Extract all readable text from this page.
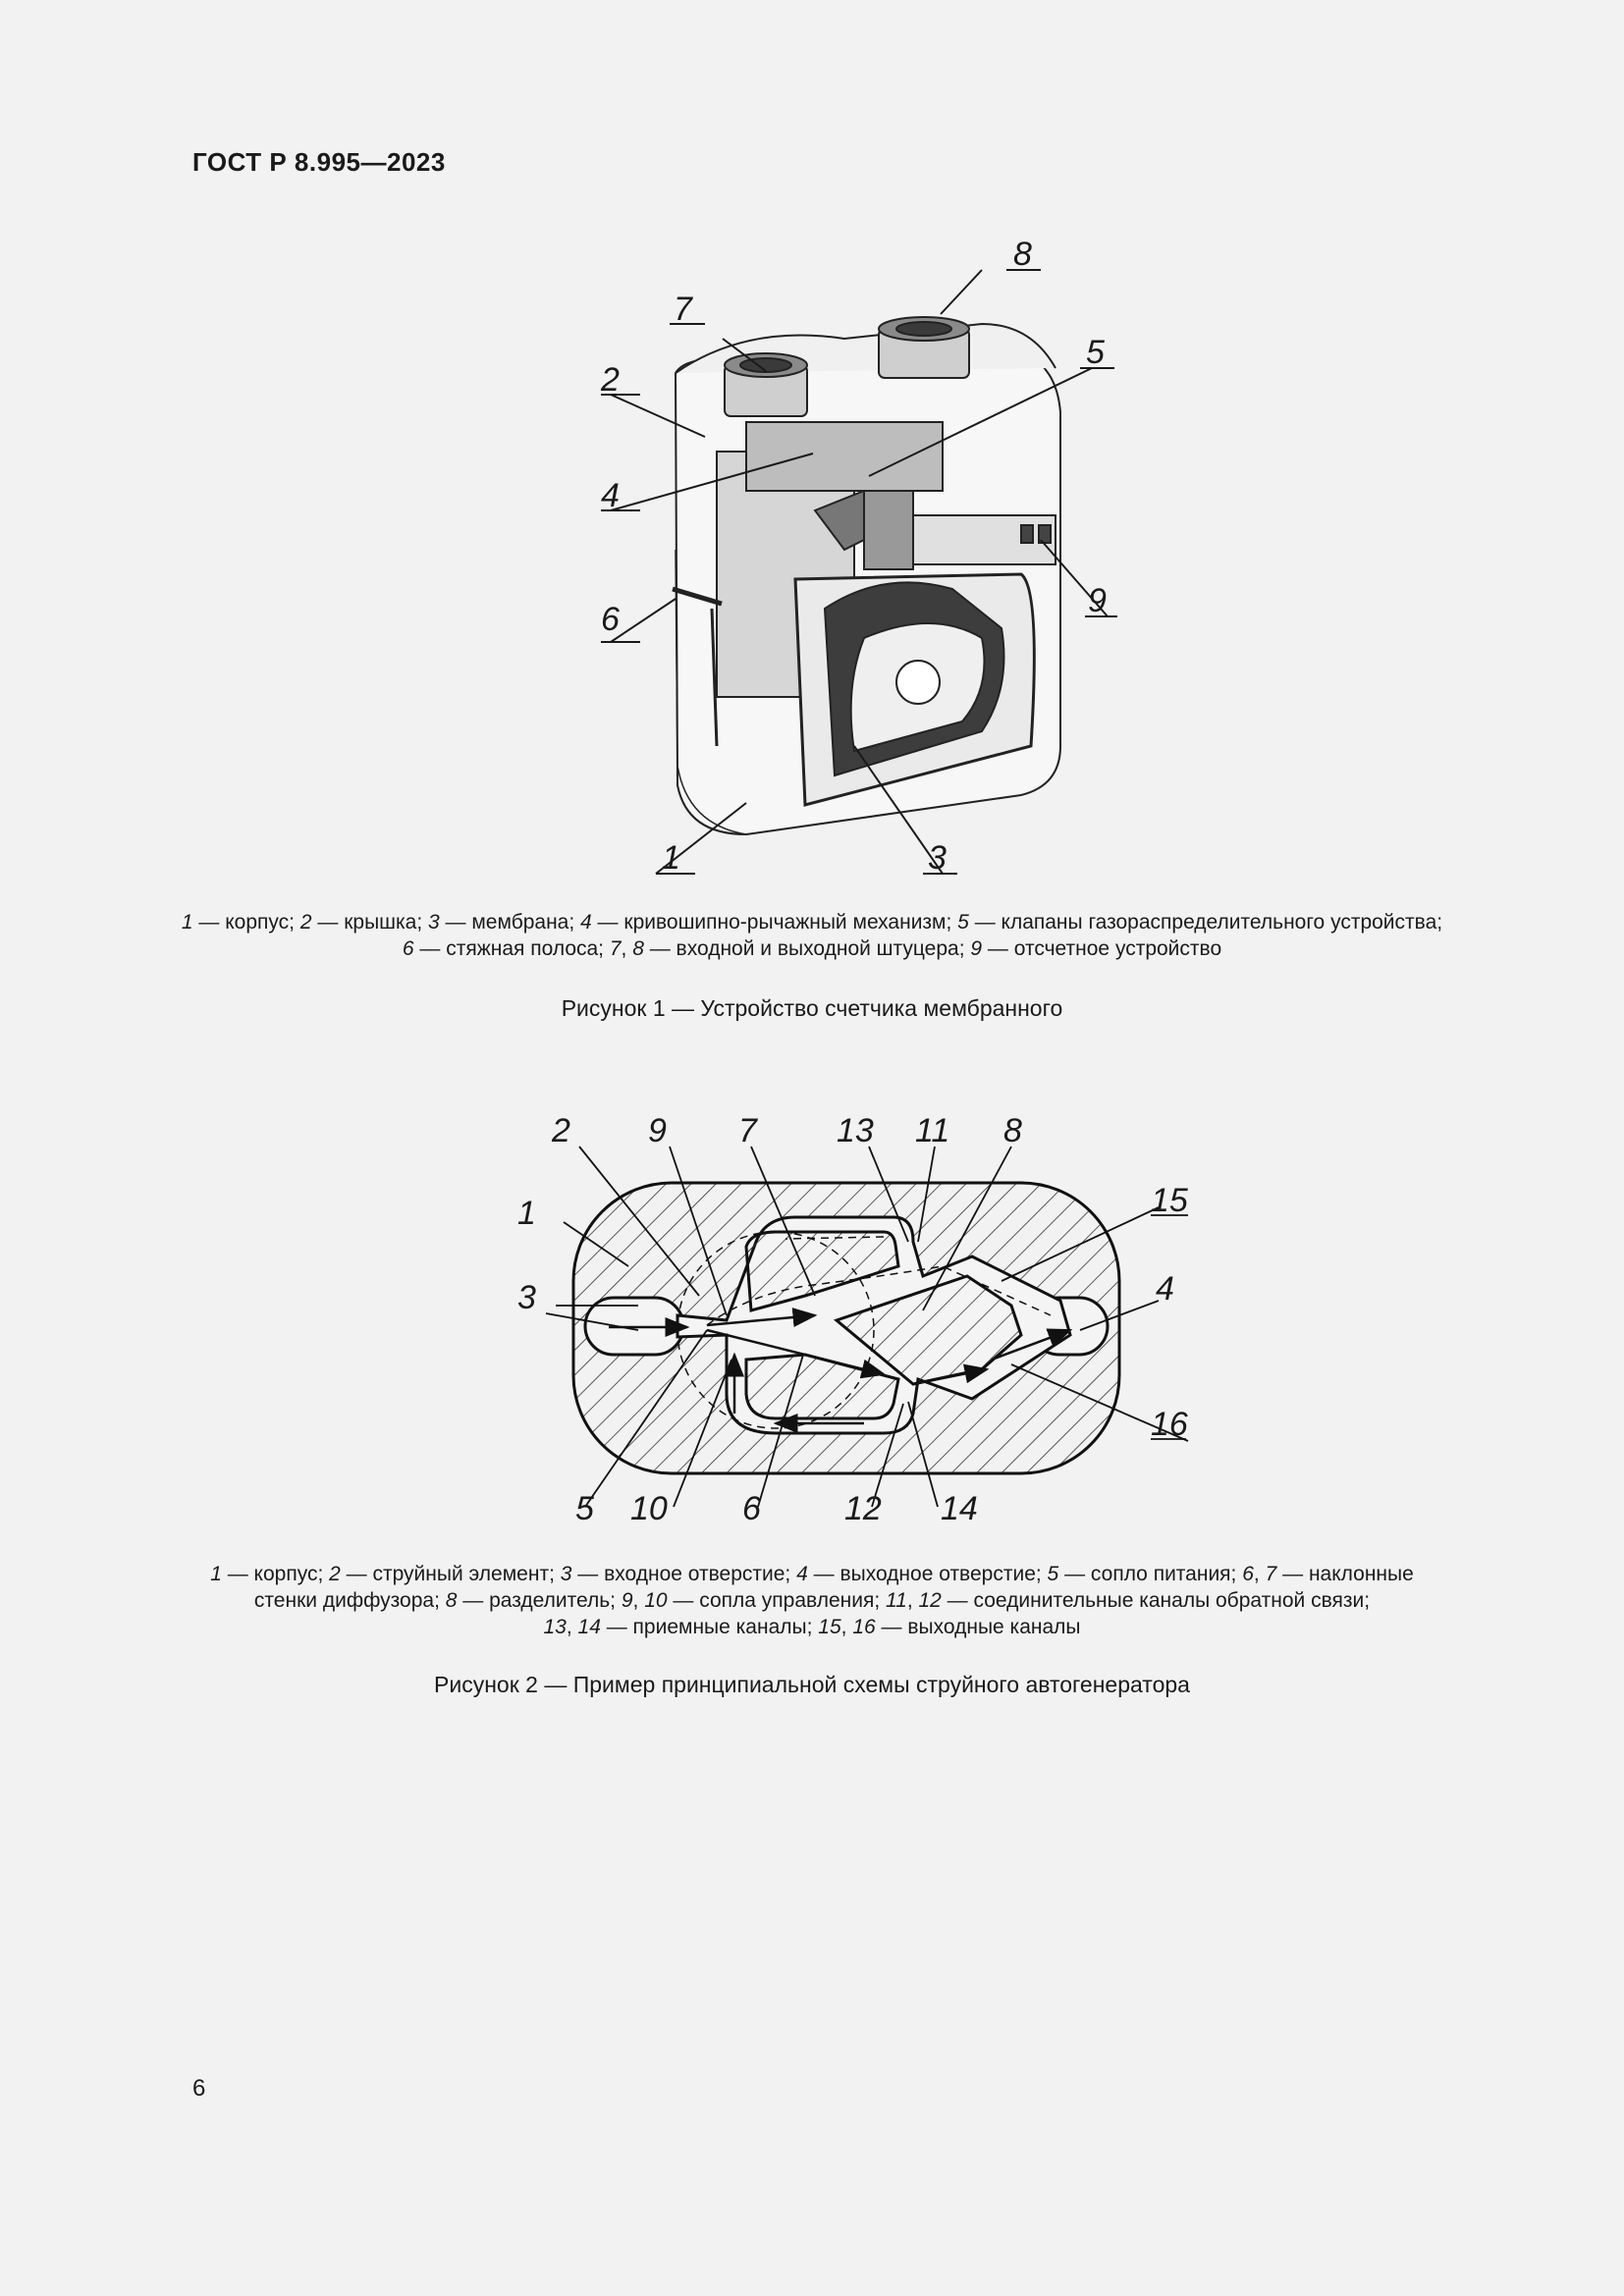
ГОСТ Р 8.995—2023
1
2
3
4
5
6
7
8
9
1 — корпус; 2 — крышка; 3 — мембрана; 4 — кривошипно-рычажный механизм; 5 — клапаны газораспределительного устройства;
6 — стяжная полоса; 7, 8 — входной и выходной штуцера; 9 — отсчетное устройство
Рисунок 1 — Устройство счетчика мембранного
1
2
3	4
5	6
7	8
9
10
11
12
13
14
15
16
1 — корпус; 2 — струйный элемент; 3 — входное отверстие; 4 — выходное отверстие; 5 — сопло питания; 6, 7 — наклонные
стенки диффузора; 8 — разделитель; 9, 10 — сопла управления; 11, 12 — соединительные каналы обратной связи;
13, 14 — приемные каналы; 15, 16 — выходные каналы
Рисунок 2 — Пример принципиальной схемы струйного автогенератора
6
